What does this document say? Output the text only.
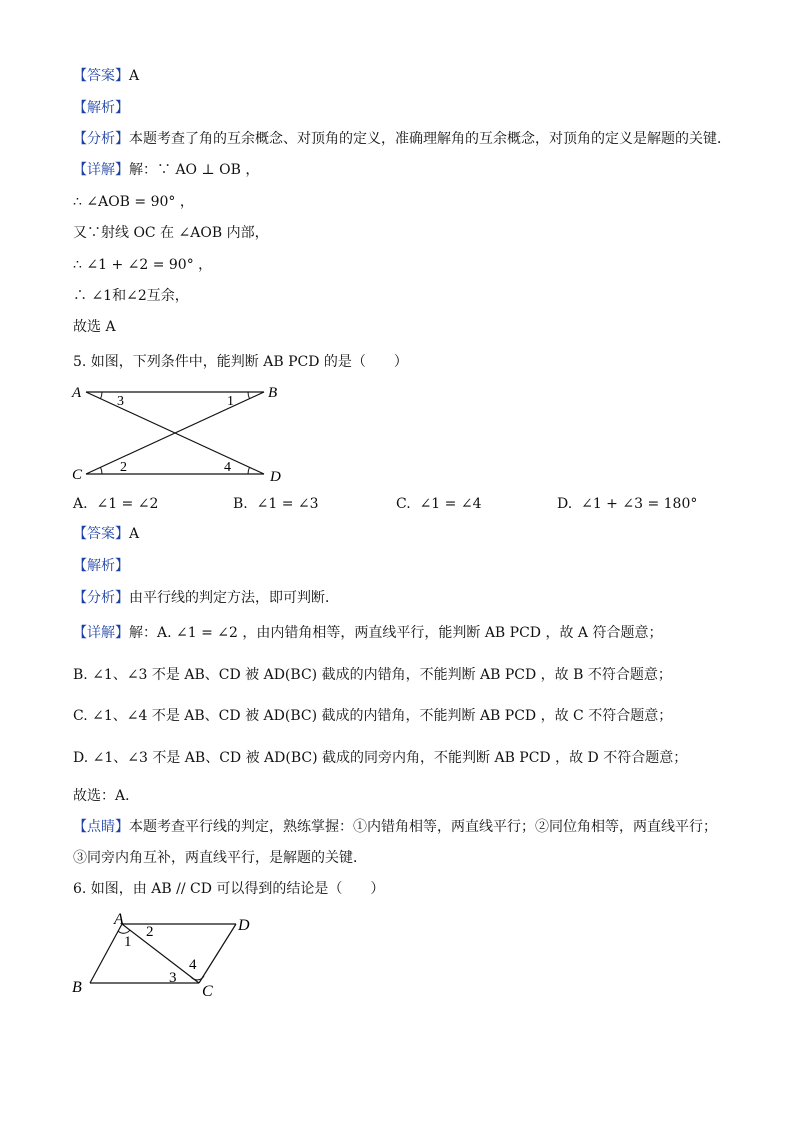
【答案】A
【解析】
【分析】本题考查了角的互余概念、对顶角的定义，准确理解角的互余概念，对顶角的定义是解题的关键．
【详解】解：∵ AO ⊥ OB ，
∴ ∠AOB = 90° ，
又∵射线 OC 在 ∠AOB 内部，
∴ ∠1 + ∠2 = 90° ，
∴ ∠1和∠2互余，
故选 A
5. 如图，下列条件中，能判断 AB PCD 的是（　　）
A	B
C	D
3	1
2	4
A. ∠1 = ∠2	B. ∠1 = ∠3	C. ∠1 = ∠4	D. ∠1 + ∠3 = 180°
【答案】A
【解析】
【分析】由平行线的判定方法，即可判断．
【详解】解：A. ∠1 = ∠2 ，由内错角相等，两直线平行，能判断 AB PCD ，故 A 符合题意；
B. ∠1、∠3 不是 AB、CD 被 AD(BC) 截成的内错角，不能判断 AB PCD ，故 B 不符合题意；
C. ∠1、∠4 不是 AB、CD 被 AD(BC) 截成的内错角，不能判断 AB PCD ，故 C 不符合题意；
D. ∠1、∠3 不是 AB、CD 被 AD(BC) 截成的同旁内角，不能判断 AB PCD ，故 D 不符合题意；
故选：A．
【点睛】本题考查平行线的判定，熟练掌握：①内错角相等，两直线平行；②同位角相等，两直线平行；
③同旁内角互补，两直线平行，是解题的关键．
6. 如图，由 AB // CD 可以得到的结论是（　　）
A	D
B	C
1
2
3
4
